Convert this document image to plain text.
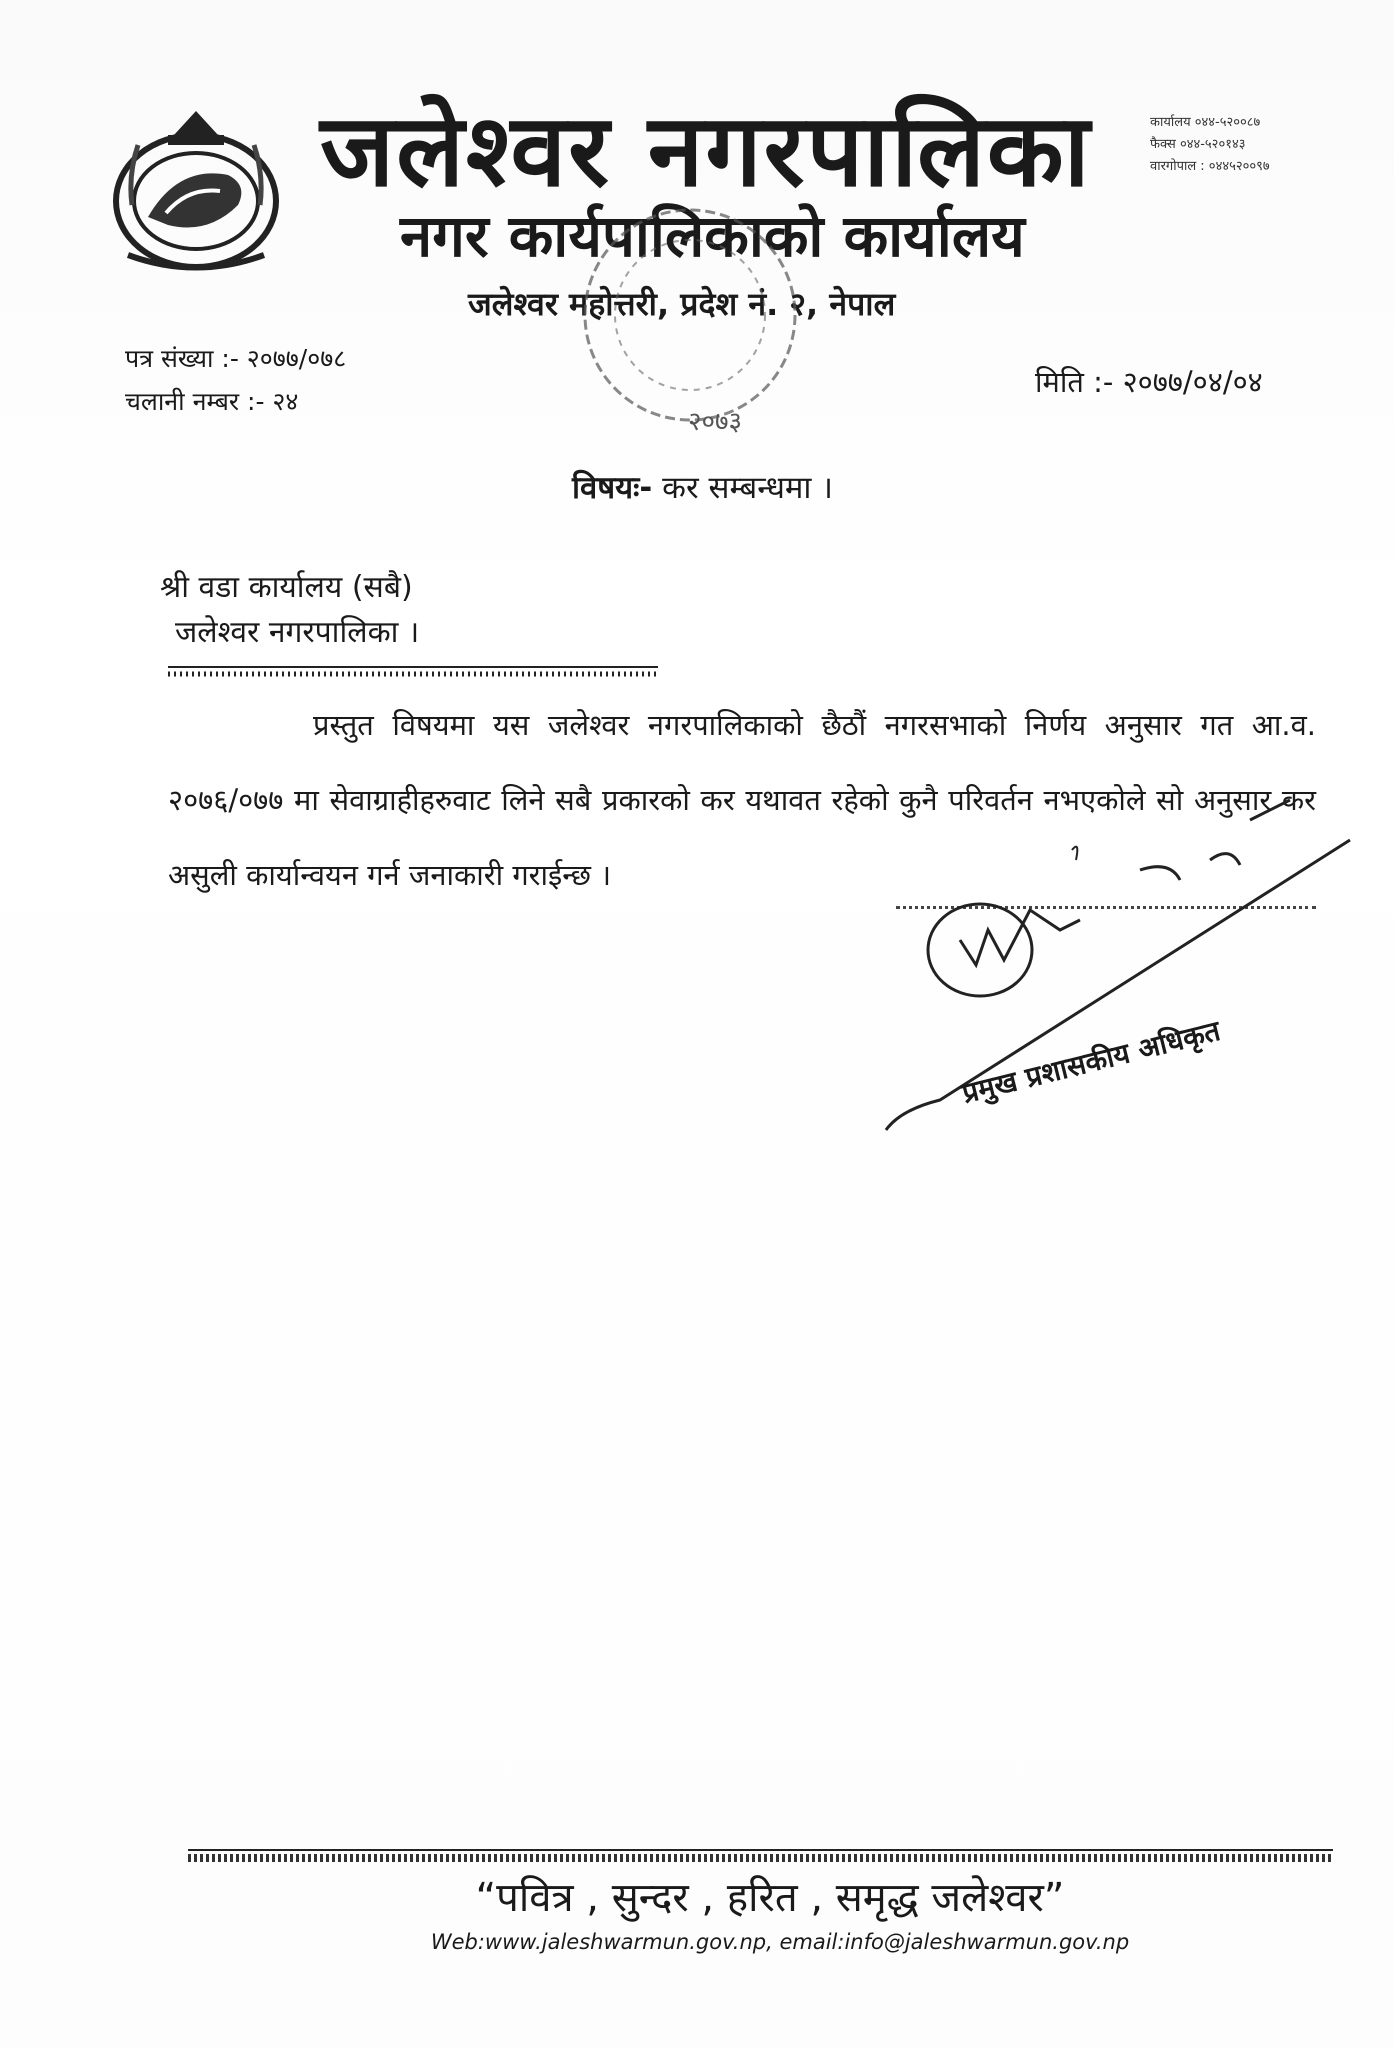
जलेश्वर नगरपालिका
नगर कार्यपालिकाको कार्यालय
जलेश्वर महोत्तरी, प्रदेश नं. २, नेपाल
कार्यालय ०४४-५२००८७
फैक्स ०४४-५२०१४३
वारगोपाल : ०४४५२००९७
२०७३
पत्र संख्या :- २०७७/०७८
चलानी नम्बर :- २४
मिति :- २०७७/०४/०४
विषयः- कर सम्बन्धमा ।
श्री वडा कार्यालय (सबै)
जलेश्वर नगरपालिका ।
प्रस्तुत विषयमा यस जलेश्वर नगरपालिकाको छैठौं नगरसभाको निर्णय अनुसार गत आ.व. २०७६/०७७ मा सेवाग्राहीहरुवाट लिने सबै प्रकारको कर यथावत रहेको कुनै परिवर्तन नभएकोले सो अनुसार कर असुली कार्यान्वयन गर्न जनाकारी गराईन्छ ।
प्रमुख प्रशासकीय अधिकृत
“पवित्र , सुन्दर , हरित , समृद्ध जलेश्वर”
Web:www.jaleshwarmun.gov.np, email:info@jaleshwarmun.gov.np
